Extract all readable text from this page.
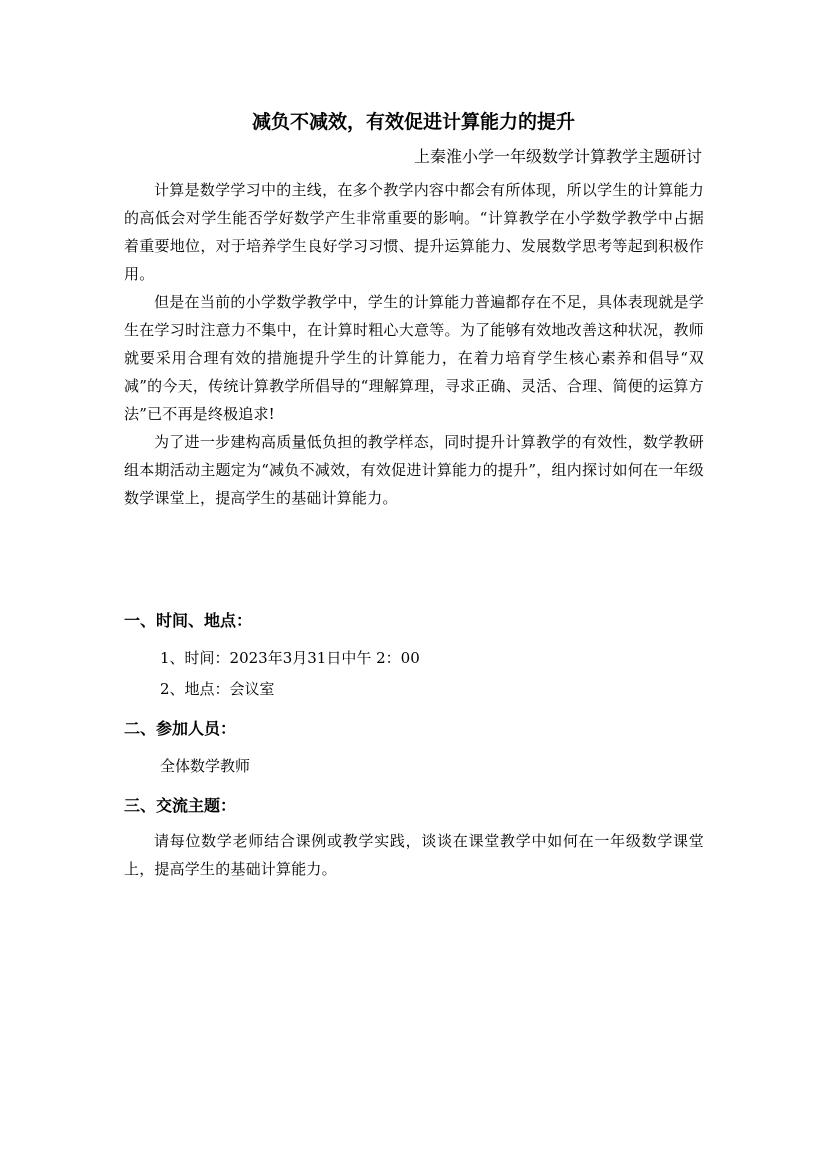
减负不减效，有效促进计算能力的提升
上秦淮小学一年级数学计算教学主题研讨

计算是数学学习中的主线，在多个教学内容中都会有所体现，所以学生的计算能力的高低会对学生能否学好数学产生非常重要的影响。“计算教学在小学数学教学中占据着重要地位，对于培养学生良好学习习惯、提升运算能力、发展数学思考等起到积极作用。

但是在当前的小学数学教学中，学生的计算能力普遍都存在不足，具体表现就是学生在学习时注意力不集中，在计算时粗心大意等。为了能够有效地改善这种状况，教师就要采用合理有效的措施提升学生的计算能力，在着力培育学生核心素养和倡导“双减”的今天，传统计算教学所倡导的“理解算理，寻求正确、灵活、合理、简便的运算方法”已不再是终极追求!

为了进一步建构高质量低负担的教学样态，同时提升计算教学的有效性，数学教研组本期活动主题定为“减负不减效，有效促进计算能力的提升”，组内探讨如何在一年级数学课堂上，提高学生的基础计算能力。

一、时间、地点：
1、时间：2023年3月31日中午 2：00
2、地点：会议室
二、参加人员：
全体数学教师
三、交流主题：

请每位数学老师结合课例或教学实践，谈谈在课堂教学中如何在一年级数学课堂上，提高学生的基础计算能力。
